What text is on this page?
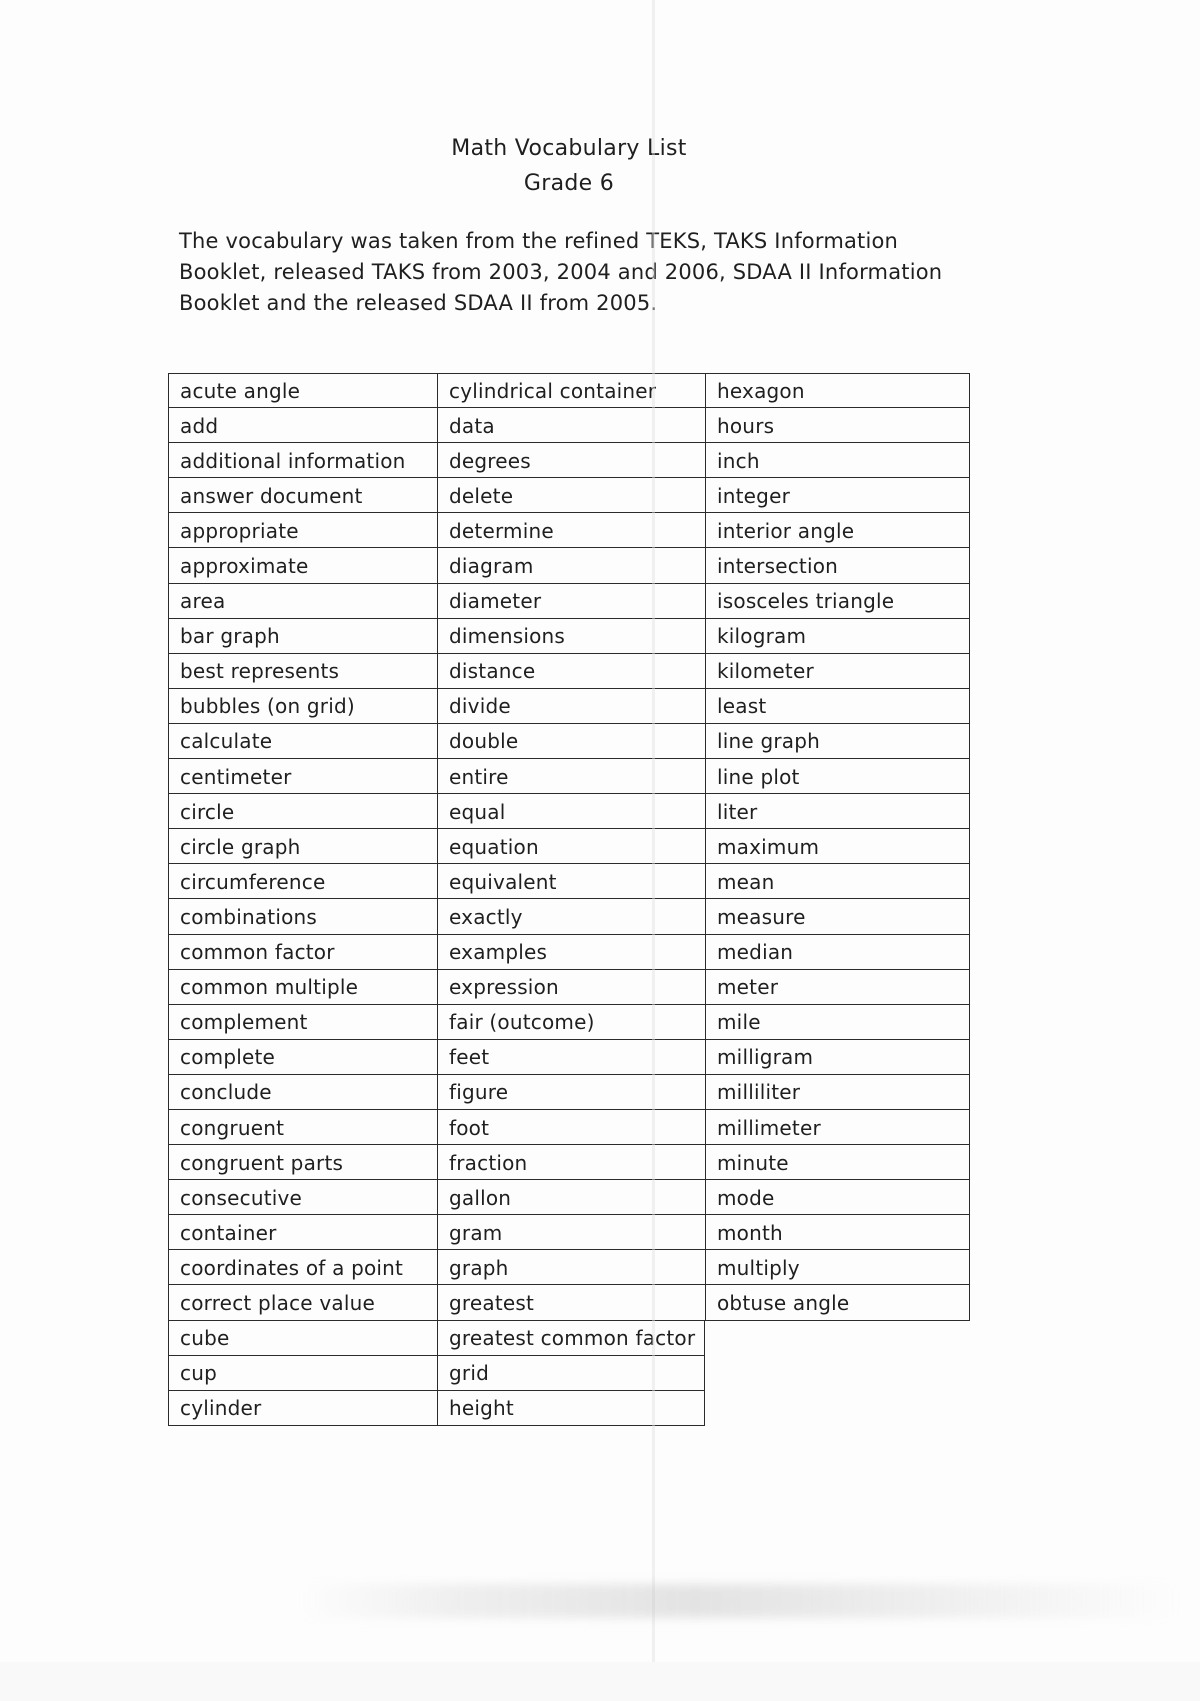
Math Vocabulary List
Grade 6
The vocabulary was taken from the refined TEKS, TAKS Information
Booklet, released TAKS from 2003, 2004 and 2006, SDAA II Information
Booklet and the released SDAA II from 2005.
acute angle	cylindrical container	hexagon
add	data	hours
additional information	degrees	inch
answer document	delete	integer
appropriate	determine	interior angle
approximate	diagram	intersection
area	diameter	isosceles triangle
bar graph	dimensions	kilogram
best represents	distance	kilometer
bubbles (on grid)	divide	least
calculate	double	line graph
centimeter	entire	line plot
circle	equal	liter
circle graph	equation	maximum
circumference	equivalent	mean
combinations	exactly	measure
common factor	examples	median
common multiple	expression	meter
complement	fair (outcome)	mile
complete	feet	milligram
conclude	figure	milliliter
congruent	foot	millimeter
congruent parts	fraction	minute
consecutive	gallon	mode
container	gram	month
coordinates of a point	graph	multiply
correct place value	greatest	obtuse angle
cube	greatest common factor
cup	grid
cylinder	height
